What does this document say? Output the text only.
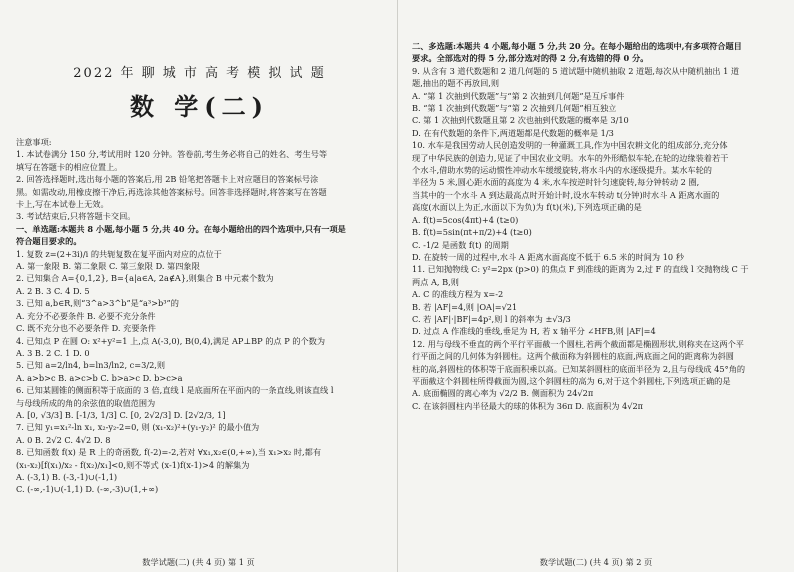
2022 年 聊 城 市 高 考 模 拟 试 题
数 学(二)
注意事项:
1. 本试卷满分 150 分,考试用时 120 分钟。答卷前,考生务必将自己的姓名、考生号等
填写在答题卡的相应位置上。
2. 回答选择题时,选出每小题的答案后,用 2B 铅笔把答题卡上对应题目的答案标号涂
黑。如需改动,用橡皮擦干净后,再选涂其他答案标号。回答非选择题时,将答案写在答题
卡上,写在本试卷上无效。
3. 考试结束后,只将答题卡交回。
一、单选题:本题共 8 小题,每小题 5 分,共 40 分。在每小题给出的四个选项中,只有一项是
符合题目要求的。
1. 复数 z=(2+3i)/i 的共轭复数在复平面内对应的点位于
A. 第一象限 B. 第二象限 C. 第三象限 D. 第四象限
2. 已知集合 A={0,1,2}, B={a|a∈A, 2a∉A},则集合 B 中元素个数为
A. 2 B. 3 C. 4 D. 5
3. 已知 a,b∈R,则“3^a>3^b”是“a³>b³”的
A. 充分不必要条件 B. 必要不充分条件
C. 既不充分也不必要条件 D. 充要条件
4. 已知点 P 在圆 O: x²+y²=1 上,点 A(-3,0), B(0,4),满足 AP⊥BP 的点 P 的个数为
A. 3 B. 2 C. 1 D. 0
5. 已知 a=2/ln4, b=ln3/ln2, c=3/2,则
A. a>b>c B. a>c>b C. b>a>c D. b>c>a
6. 已知某圆锥的侧面积等于底面的 3 倍,直线 l 是底面所在平面内的一条直线,则该直线 l
与母线所成的角的余弦值的取值范围为
A. [0, √3/3] B. [-1/3, 1/3] C. [0, 2√2/3] D. [2√2/3, 1]
7. 已知 y₁=x₁²-ln x₁, x₂-y₂-2=0, 则 (x₁-x₂)²+(y₁-y₂)² 的最小值为
A. 0 B. 2√2 C. 4√2 D. 8
8. 已知函数 f(x) 是 R 上的奇函数, f(-2)=-2,若对 ∀x₁,x₂∈(0,+∞),当 x₁>x₂ 时,都有
(x₁-x₂)[f(x₁)/x₂ - f(x₂)/x₁]<0,则不等式 (x-1)f(x-1)>4 的解集为
A. (-3,1) B. (-3,-1)∪(-1,1)
C. (-∞,-1)∪(-1,1) D. (-∞,-3)∪(1,+∞)
数学试题(二) (共 4 页) 第 1 页
二、多选题:本题共 4 小题,每小题 5 分,共 20 分。在每小题给出的选项中,有多项符合题目
要求。全部选对的得 5 分,部分选对的得 2 分,有选错的得 0 分。
9. 从含有 3 道代数题和 2 道几何题的 5 道试题中随机抽取 2 道题,每次从中随机抽出 1 道
题,抽出的题不再放回,则
A. “第 1 次抽到代数题”与“第 2 次抽到几何题”是互斥事件
B. “第 1 次抽到代数题”与“第 2 次抽到几何题”相互独立
C. 第 1 次抽到代数题且第 2 次也抽到代数题的概率是 3/10
D. 在有代数题的条件下,两道题都是代数题的概率是 1/3
10. 水车是我国劳动人民创造发明的一种灌溉工具,作为中国农耕文化的组成部分,充分体
现了中华民族的创造力,见证了中国农业文明。水车的外形酷似车轮,在轮的边缘装着若干
个水斗,借助水势的运动惯性冲动水车缓缓旋转,将水斗内的水逐级提升。某水车轮的
半径为 5 米,圆心距水面的高度为 4 米,水车按逆时针匀速旋转,每分钟转动 2 圈,
当其中的一个水斗 A 到达最高点时开始计时,设水车转动 t(分钟)时水斗 A 距离水面的
高度(水面以上为正,水面以下为负)为 f(t)(米),下列选项正确的是
A. f(t)=5cos(4πt)+4 (t≥0)
B. f(t)=5sin(πt+π/2)+4 (t≥0)
C. -1/2 是函数 f(t) 的周期
D. 在旋转一周的过程中,水斗 A 距离水面高度不低于 6.5 米的时间为 10 秒
11. 已知抛物线 C: y²=2px (p>0) 的焦点 F 到准线的距离为 2,过 F 的直线 l 交抛物线 C 于
两点 A, B,则
A. C 的准线方程为 x=-2
B. 若 |AF|=4,则 |OA|=√21
C. 若 |AF|·|BF|=4p²,则 l 的斜率为 ±√3/3
D. 过点 A 作准线的垂线,垂足为 H, 若 x 轴平分 ∠HFB,则 |AF|=4
12. 用与母线不垂直的两个平行平面截一个圆柱,若两个截面都是椭圆形状,则称夹在这两个平
行平面之间的几何体为斜圆柱。这两个截面称为斜圆柱的底面,两底面之间的距离称为斜圆
柱的高,斜圆柱的体积等于底面积乘以高。已知某斜圆柱的底面半径为 2,且与母线成 45°角的
平面截这个斜圆柱所得截面为圆,这个斜圆柱的高为 6,对于这个斜圆柱,下列选项正确的是
A. 底面椭圆的离心率为 √2/2 B. 侧面积为 24√2π
C. 在该斜圆柱内半径最大的球的体积为 36π D. 底面积为 4√2π
数学试题(二) (共 4 页) 第 2 页
